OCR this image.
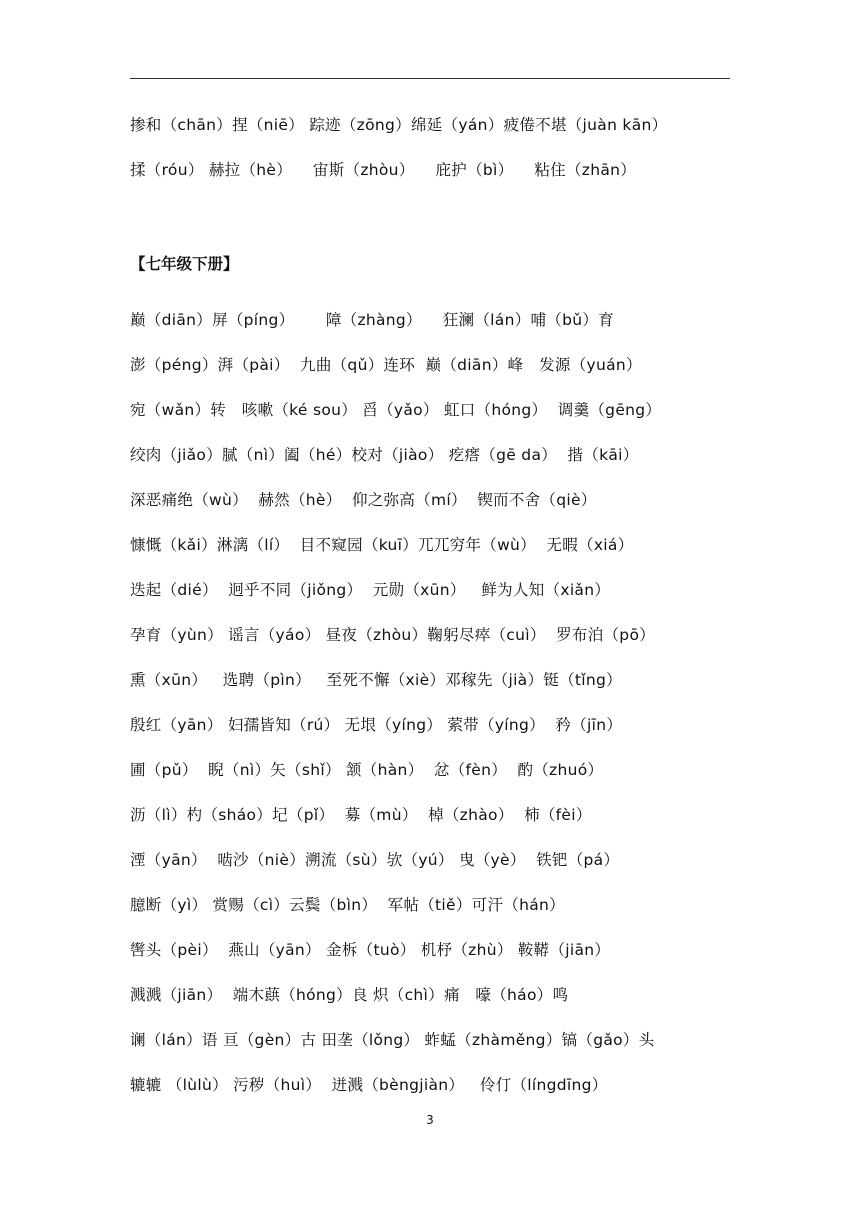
掺和（chān）捏（niē） 踪迹（zōng）绵延（yán）疲倦不堪（juàn kān）
揉（róu） 赫拉（hè）    宙斯（zhòu）    庇护（bì）    粘住（zhān）
【七年级下册】
巅（diān）屏（píng）      障（zhàng）    狂澜（lán）哺（bǔ）育
澎（péng）湃（pài）  九曲（qǔ）连环  巅（diān）峰   发源（yuán）
宛（wǎn）转   咳嗽（ké sou） 舀（yǎo） 虹口（hóng）  调羹（gēng）
绞肉（jiǎo）腻（nì）阖（hé）校对（jiào） 疙瘩（gē da）  揩（kāi）
深恶痛绝（wù）  赫然（hè）  仰之弥高（mí）  锲而不舍（qiè）
慷慨（kǎi）淋漓（lí）  目不窥园（kuī）兀兀穷年（wù）  无暇（xiá）
迭起（dié）  迥乎不同（jiǒng）  元勋（xūn）   鲜为人知（xiǎn）
孕育（yùn） 谣言（yáo） 昼夜（zhòu）鞠躬尽瘁（cuì）  罗布泊（pō）
熏（xūn）   选聘（pìn）   至死不懈（xiè）邓稼先（jià）铤（tǐng）
殷红（yān） 妇孺皆知（rú） 无垠（yíng） 萦带（yíng）  矜（jīn）
圃（pǔ）  睨（nì）矢（shǐ） 颔（hàn）  忿（fèn）  酌（zhuó）
沥（lì）杓（sháo）圮（pǐ）  募（mù）  棹（zhào）  柿（fèi）
湮（yān）  啮沙（niè）溯流（sù）欤（yú） 曳（yè）  铁钯（pá）
臆断（yì） 赏赐（cì）云鬓（bìn）  军帖（tiě）可汗（hán）
辔头（pèi）  燕山（yān） 金柝（tuò） 机杼（zhù） 鞍鞯（jiān）
溅溅（jiān）  端木蕻（hóng）良 炽（chì）痛   嚎（háo）鸣
谰（lán）语 亘（gèn）古 田垄（lǒng） 蚱蜢（zhàměng）镐（gǎo）头
辘辘 （lùlù） 污秽（huì）  迸溅（bèngjiàn）   伶仃（língdīng）
3
